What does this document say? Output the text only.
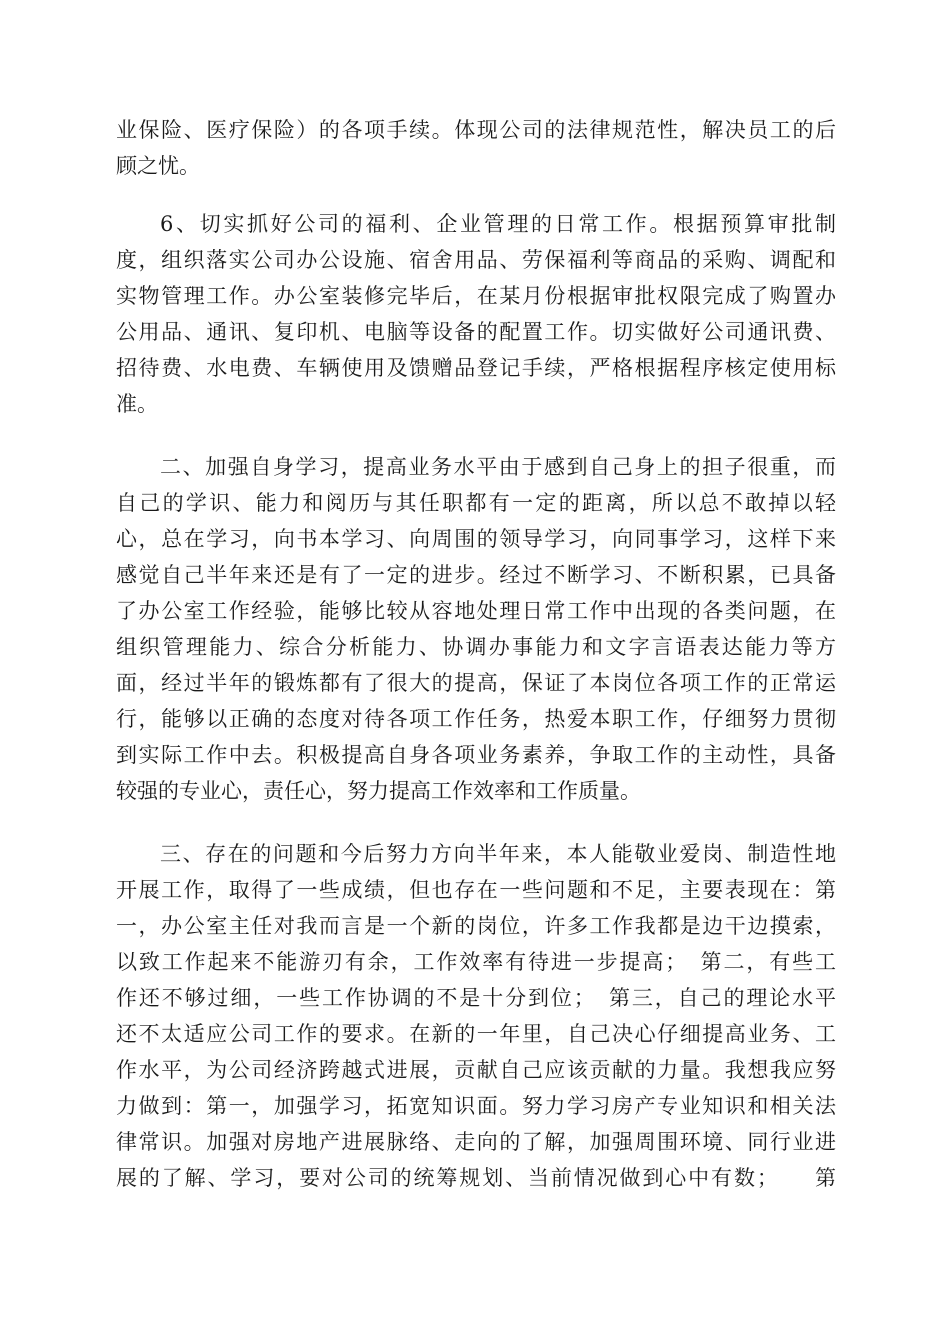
业保险、医疗保险）的各项手续。体现公司的法律规范性，解决员工的后
顾之忧。
6、切实抓好公司的福利、企业管理的日常工作。根据预算审批制
度，组织落实公司办公设施、宿舍用品、劳保福利等商品的采购、调配和
实物管理工作。办公室装修完毕后，在某月份根据审批权限完成了购置办
公用品、通讯、复印机、电脑等设备的配置工作。切实做好公司通讯费、
招待费、水电费、车辆使用及馈赠品登记手续，严格根据程序核定使用标
准。
二、加强自身学习，提高业务水平由于感到自己身上的担子很重，而
自己的学识、能力和阅历与其任职都有一定的距离，所以总不敢掉以轻
心，总在学习，向书本学习、向周围的领导学习，向同事学习，这样下来
感觉自己半年来还是有了一定的进步。经过不断学习、不断积累，已具备
了办公室工作经验，能够比较从容地处理日常工作中出现的各类问题，在
组织管理能力、综合分析能力、协调办事能力和文字言语表达能力等方
面，经过半年的锻炼都有了很大的提高，保证了本岗位各项工作的正常运
行，能够以正确的态度对待各项工作任务，热爱本职工作，仔细努力贯彻
到实际工作中去。积极提高自身各项业务素养，争取工作的主动性，具备
较强的专业心，责任心，努力提高工作效率和工作质量。
三、存在的问题和今后努力方向半年来，本人能敬业爱岗、制造性地
开展工作，取得了一些成绩，但也存在一些问题和不足，主要表现在：第
一，办公室主任对我而言是一个新的岗位，许多工作我都是边干边摸索，
以致工作起来不能游刃有余，工作效率有待进一步提高；　第二，有些工
作还不够过细，一些工作协调的不是十分到位；　第三，自己的理论水平
还不太适应公司工作的要求。在新的一年里，自己决心仔细提高业务、工
作水平，为公司经济跨越式进展，贡献自己应该贡献的力量。我想我应努
力做到：第一，加强学习，拓宽知识面。努力学习房产专业知识和相关法
律常识。加强对房地产进展脉络、走向的了解，加强周围环境、同行业进
展的了解、学习，要对公司的统筹规划、当前情况做到心中有数；　　第
